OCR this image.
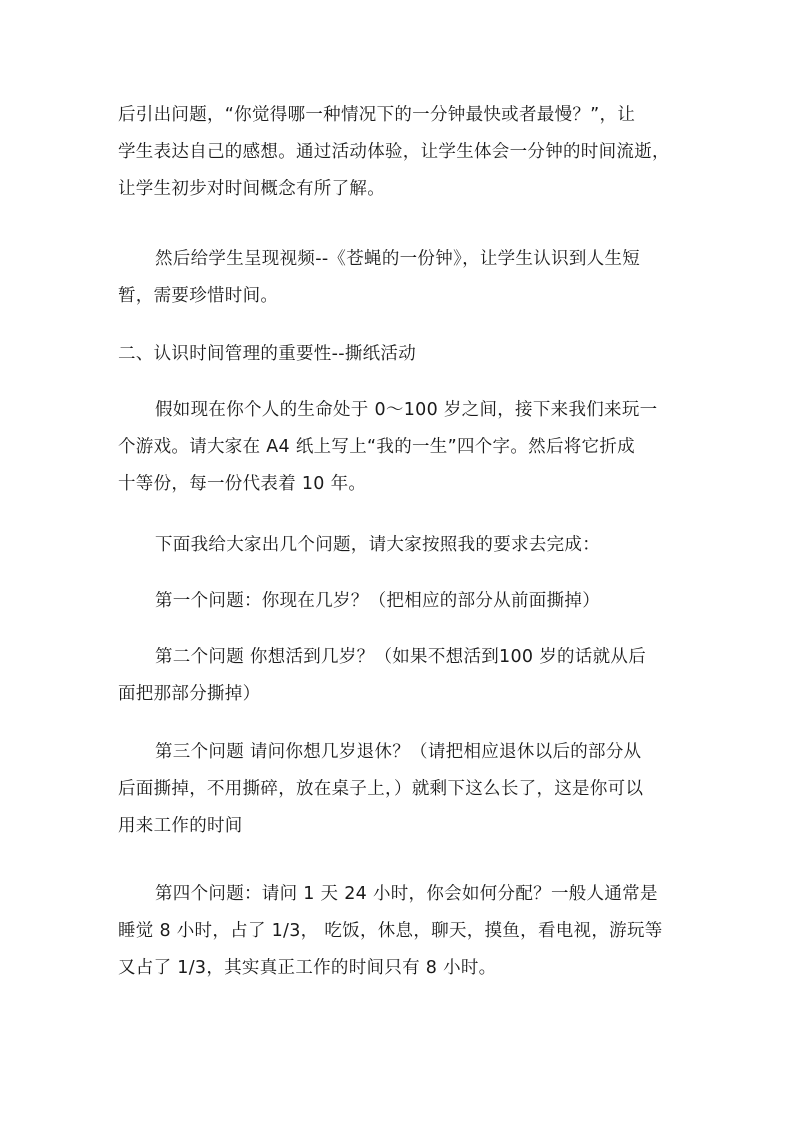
后引出问题，“你觉得哪一种情况下的一分钟最快或者最慢？”，让
学生表达自己的感想。通过活动体验，让学生体会一分钟的时间流逝，
让学生初步对时间概念有所了解。
然后给学生呈现视频--《苍蝇的一份钟》，让学生认识到人生短
暂，需要珍惜时间。
二、认识时间管理的重要性--撕纸活动
假如现在你个人的生命处于 0～100 岁之间，接下来我们来玩一
个游戏。请大家在 A4 纸上写上“我的一生”四个字。然后将它折成
十等份，每一份代表着 10 年。
下面我给大家出几个问题，请大家按照我的要求去完成：
第一个问题：你现在几岁？（把相应的部分从前面撕掉）
第二个问题 你想活到几岁？（如果不想活到100 岁的话就从后
面把那部分撕掉）
第三个问题 请问你想几岁退休？（请把相应退休以后的部分从
后面撕掉，不用撕碎，放在桌子上，）就剩下这么长了，这是你可以
用来工作的时间
第四个问题：请问 1 天 24 小时，你会如何分配？一般人通常是
睡觉 8 小时，占了 1/3， 吃饭，休息，聊天，摸鱼，看电视，游玩等
又占了 1/3，其实真正工作的时间只有 8 小时。
